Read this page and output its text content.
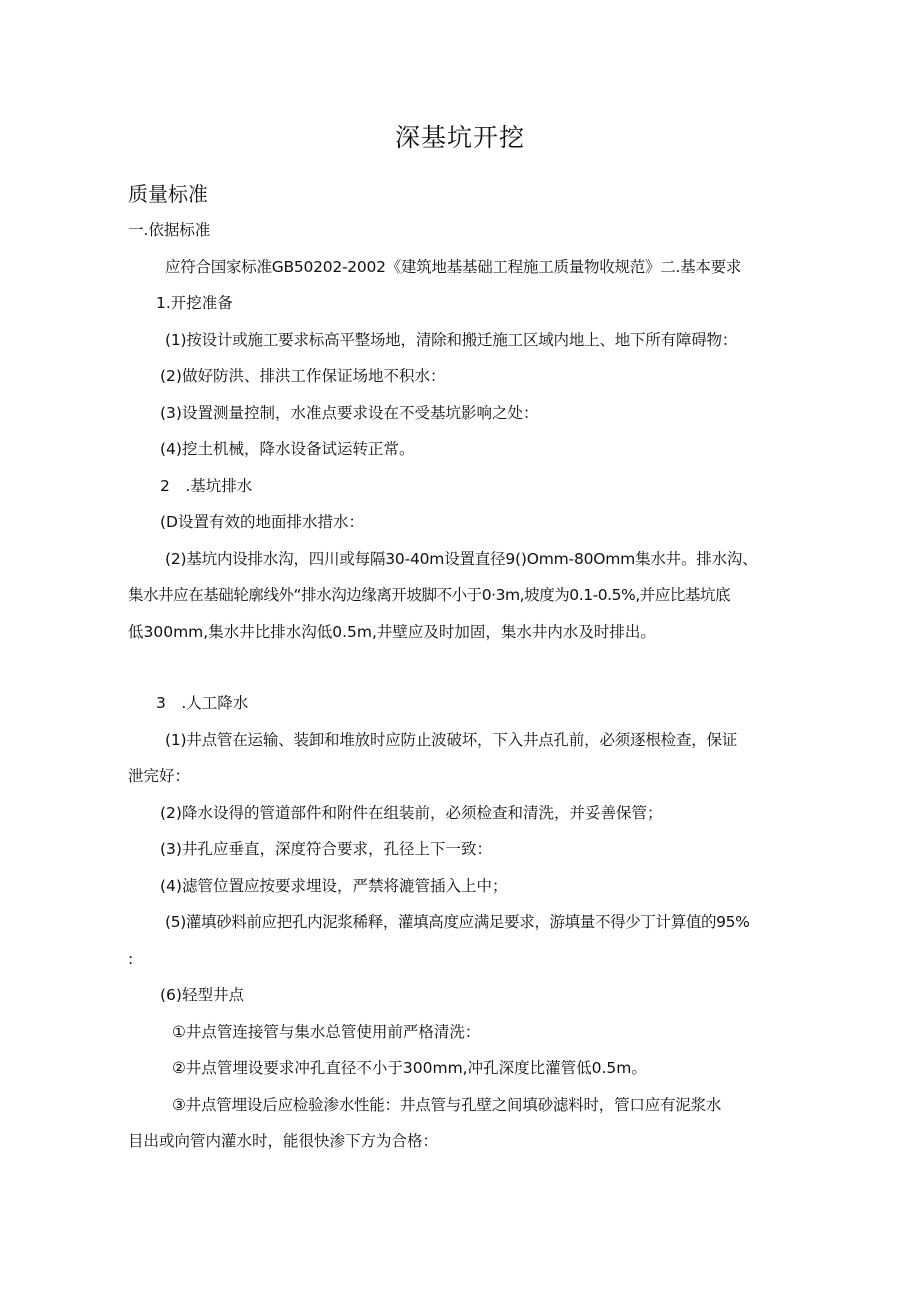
深基坑开挖
质量标准
一.依据标准
应符合国家标准GB50202-2002《建筑地基基础工程施工质量物收规范》二.基本要求
1.开挖准备
(1)按设计或施工要求标高平整场地，清除和搬迁施工区域内地上、地下所有障碍物：
(2)做好防洪、排洪工作保证场地不积水：
(3)设置测量控制，水准点要求设在不受基坑影响之处：
(4)挖土机械，降水设备试运转正常。
2　.基坑排水
(D设置有效的地面排水措水：
(2)基坑内设排水沟，四川或每隔30-40m设置直径9()Omm-80Omm集水井。排水沟、
集水井应在基础轮廓线外“排水沟边缘离开坡脚不小于0·3m,坡度为0.1-0.5%,并应比基坑底
低300mm,集水井比排水沟低0.5m,井壁应及时加固，集水井内水及时排出。
3　.人工降水
(1)井点管在运输、装卸和堆放时应防止波破坏，下入井点孔前，必须逐根检查，保证
泄完好：
(2)降水设得的管道部件和附件在组装前，必须检查和清洗，并妥善保管；
(3)井孔应垂直，深度符合要求，孔径上下一致：
(4)滤管位置应按要求埋设，严禁将漉管插入上中；
(5)灌填砂料前应把孔内泥浆稀释，灌填高度应满足要求，游填量不得少丁计算值的95%
:
(6)轻型井点
①井点管连接管与集水总管使用前严格清洗：
②井点管埋设要求冲孔直径不小于300mm,冲孔深度比灌管低0.5m。
③井点管埋设后应检验渗水性能：井点管与孔壁之间填砂滤料时，管口应有泥浆水
目出或向管内灌水时，能很快渗下方为合格：
